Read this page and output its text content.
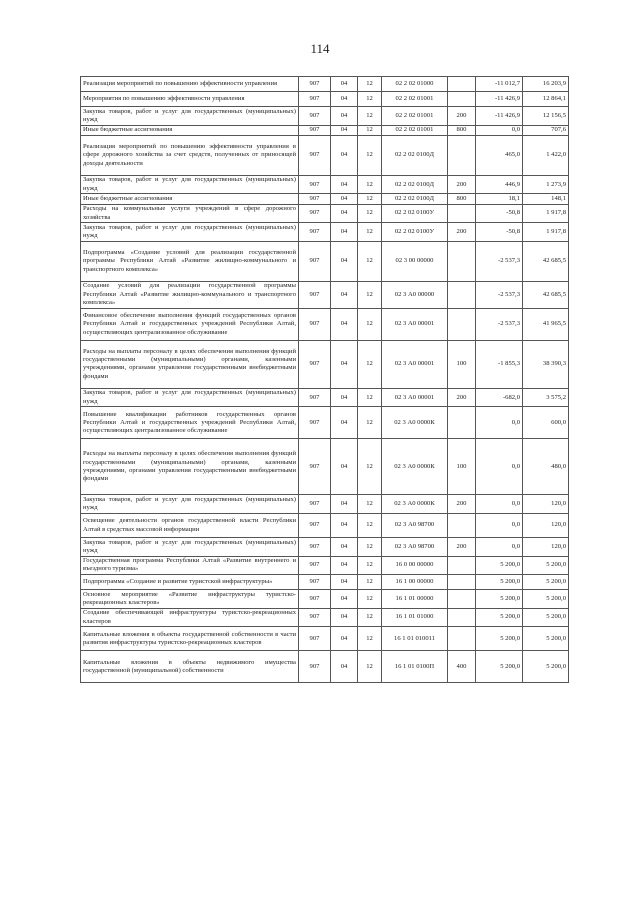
114
Реализация мероприятий по повышению эффективности управления	907	04	12	02 2 02 01000		-11 012,7	16 203,9
Мероприятия по повышению эффективности управления	907	04	12	02 2 02 01001		-11 426,9	12 864,1
Закупка товаров, работ и услуг для государственных (муниципальных) нужд	907	04	12	02 2 02 01001	200	-11 426,9	12 156,5
Иные бюджетные ассигнования	907	04	12	02 2 02 01001	800	0,0	707,6
Реализация мероприятий по повышению эффективности управления в сфере дорожного хозяйства за счет средств, полученных от приносящей доходы деятельности	907	04	12	02 2 02 0100Д		465,0	1 422,0
Закупка товаров, работ и услуг для государственных (муниципальных) нужд	907	04	12	02 2 02 0100Д	200	446,9	1 273,9
Иные бюджетные ассигнования	907	04	12	02 2 02 0100Д	800	18,1	148,1
Расходы на коммунальные услуги учреждений в сфере дорожного хозяйства	907	04	12	02 2 02 0100У		-50,8	1 917,8
Закупка товаров, работ и услуг для государственных (муниципальных) нужд	907	04	12	02 2 02 0100У	200	-50,8	1 917,8
Подпрограмма «Создание условий для реализации государственной программы Республики Алтай «Развитие жилищно-коммунального и транспортного комплекса»	907	04	12	02 3 00 00000		-2 537,3	42 685,5
Создание условий для реализации государственной программы Республики Алтай «Развитие жилищно-коммунального и транспортного комплекса»	907	04	12	02 3 А0 00000		-2 537,3	42 685,5
Финансовое обеспечение выполнения функций государственных органов Республики Алтай и государственных учреждений Республики Алтай, осуществляющих централизованное обслуживание	907	04	12	02 3 А0 00001		-2 537,3	41 965,5
Расходы на выплаты персоналу в целях обеспечения выполнения функций государственными (муниципальными) органами, казенными учреждениями, органами управления государственными внебюджетными фондами	907	04	12	02 3 А0 00001	100	-1 855,3	38 390,3
Закупка товаров, работ и услуг для государственных (муниципальных) нужд	907	04	12	02 3 А0 00001	200	-682,0	3 575,2
Повышение квалификации работников государственных органов Республики Алтай и государственных учреждений Республики Алтай, осуществляющих централизованное обслуживание	907	04	12	02 3 А0 0000К		0,0	600,0
Расходы на выплаты персоналу в целях обеспечения выполнения функций государственными (муниципальными) органами, казенными учреждениями, органами управления государственными внебюджетными фондами	907	04	12	02 3 А0 0000К	100	0,0	480,0
Закупка товаров, работ и услуг для государственных (муниципальных) нужд	907	04	12	02 3 А0 0000К	200	0,0	120,0
Освещение деятельности органов государственной власти Республики Алтай в средствах массовой информации	907	04	12	02 3 А0 98700		0,0	120,0
Закупка товаров, работ и услуг для государственных (муниципальных) нужд	907	04	12	02 3 А0 98700	200	0,0	120,0
Государственная программа Республики Алтай «Развитие внутреннего и въездного туризма»	907	04	12	16 0 00 00000		5 200,0	5 200,0
Подпрограмма «Создание и развитие туристской инфраструктуры»	907	04	12	16 1 00 00000		5 200,0	5 200,0
Основное мероприятие «Развитие инфраструктуры туристско-рекреационных кластеров»	907	04	12	16 1 01 00000		5 200,0	5 200,0
Создание обеспечивающей инфраструктуры туристско-рекреационных кластеров	907	04	12	16 1 01 01000		5 200,0	5 200,0
Капитальные вложения в объекты государственной собственности в части развития инфраструктуры туристско-рекреационных кластеров	907	04	12	16 1 01 010011		5 200,0	5 200,0
Капитальные вложения в объекты недвижимого имущества государственной (муниципальной) собственности	907	04	12	16 1 01 0100П	400	5 200,0	5 200,0
